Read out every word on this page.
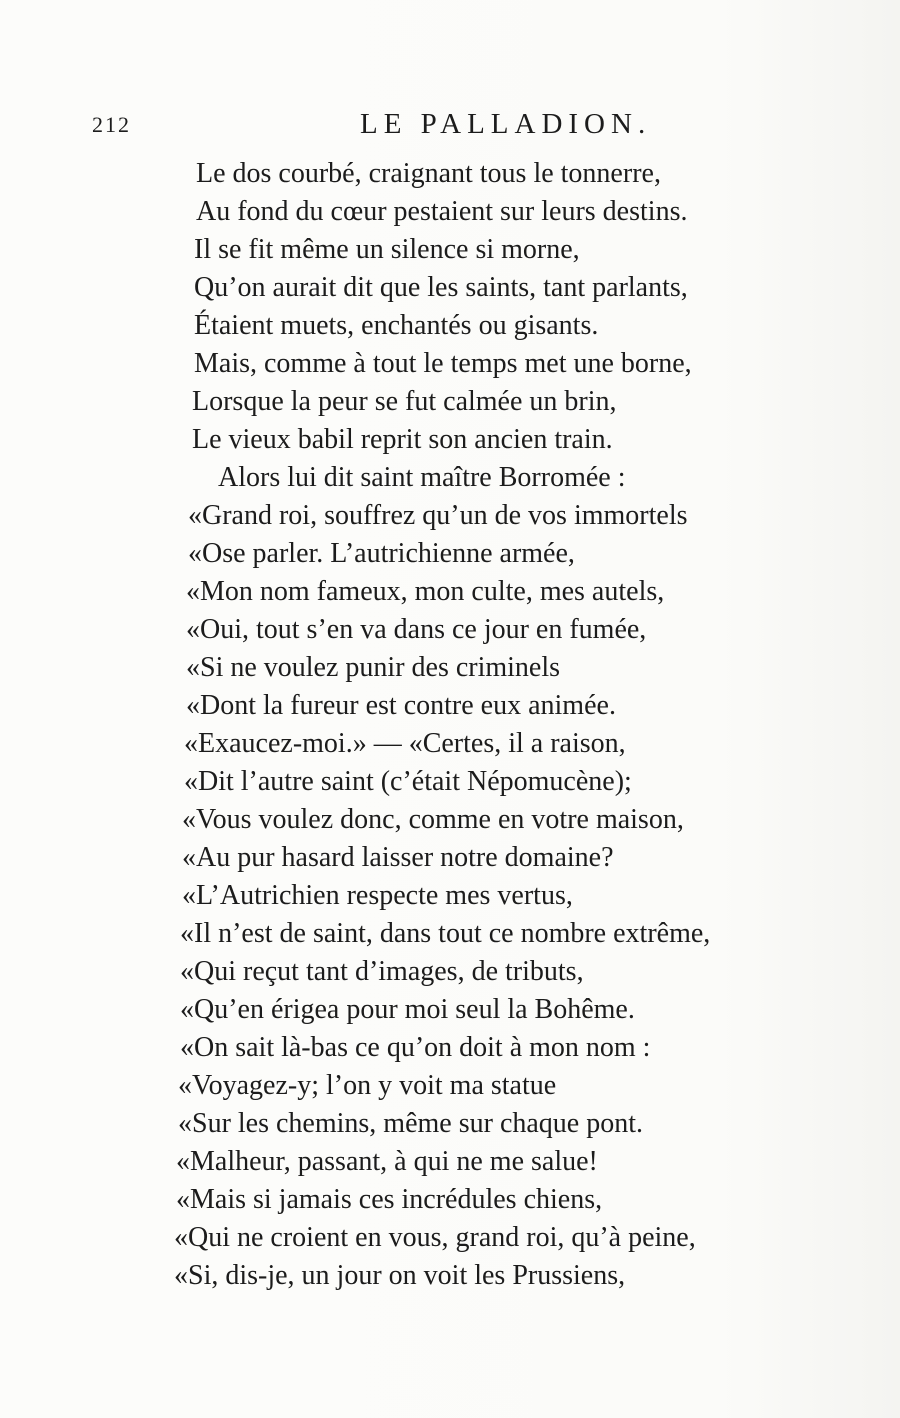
212	LE PALLADION.
Le dos courbé, craignant tous le tonnerre,
Au fond du cœur pestaient sur leurs destins.
Il se fit même un silence si morne,
Qu’on aurait dit que les saints, tant parlants,
Étaient muets, enchantés ou gisants.
Mais, comme à tout le temps met une borne,
Lorsque la peur se fut calmée un brin,
Le vieux babil reprit son ancien train.
Alors lui dit saint maître Borromée :
«Grand roi, souffrez qu’un de vos immortels
«Ose parler. L’autrichienne armée,
«Mon nom fameux, mon culte, mes autels,
«Oui, tout s’en va dans ce jour en fumée,
«Si ne voulez punir des criminels
«Dont la fureur est contre eux animée.
«Exaucez-moi.» — «Certes, il a raison,
«Dit l’autre saint (c’était Népomucène);
«Vous voulez donc, comme en votre maison,
«Au pur hasard laisser notre domaine?
«L’Autrichien respecte mes vertus,
«Il n’est de saint, dans tout ce nombre extrême,
«Qui reçut tant d’images, de tributs,
«Qu’en érigea pour moi seul la Bohême.
«On sait là-bas ce qu’on doit à mon nom :
«Voyagez-y; l’on y voit ma statue
«Sur les chemins, même sur chaque pont.
«Malheur, passant, à qui ne me salue!
«Mais si jamais ces incrédules chiens,
«Qui ne croient en vous, grand roi, qu’à peine,
«Si, dis-je, un jour on voit les Prussiens,
